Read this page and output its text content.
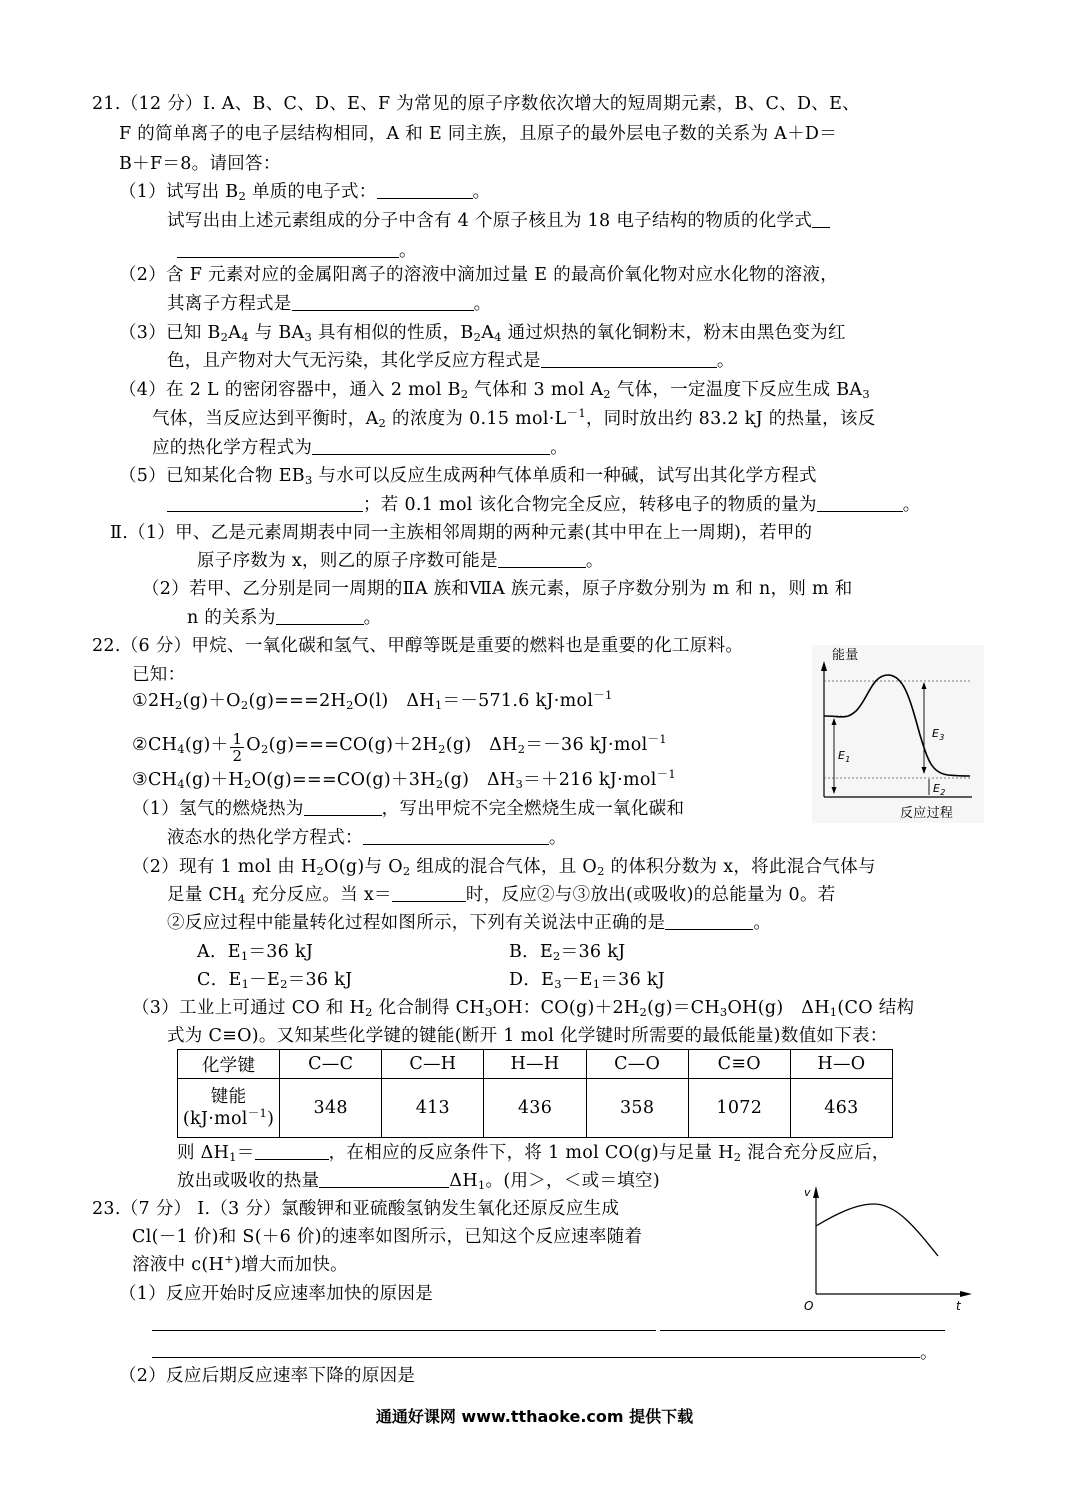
21.（12 分）Ⅰ. A、B、C、D、E、F 为常见的原子序数依次增大的短周期元素，B、C、D、E、
F 的简单离子的电子层结构相同，A 和 E 同主族，且原子的最外层电子数的关系为 A＋D＝
B＋F＝8。请回答：
（1）试写出 $B_2$ 单质的电子式：	。
试写出由上述元素组成的分子中含有 4 个原子核且为 18 电子结构的物质的化学式
。
（2）含 F 元素对应的金属阳离子的溶液中滴加过量 E 的最高价氧化物对应水化物的溶液，
其离子方程式是	。
（3）已知 $B_2A_4$ 与 $BA_3$ 具有相似的性质，$B_2A_4$ 通过炽热的氧化铜粉末，粉末由黑色变为红
色，且产物对大气无污染，其化学反应方程式是	。
（4）在 2 L 的密闭容器中，通入 2 mol $B_2$ 气体和 3 mol $A_2$ 气体，一定温度下反应生成 $BA_3$
气体，当反应达到平衡时，$A_2$ 的浓度为 0.15 $mol\cdot L^{-1}$，同时放出约 83.2 kJ 的热量，该反
应的热化学方程式为	。
（5）已知某化合物 $EB_3$ 与水可以反应生成两种气体单质和一种碱，试写出其化学方程式
；若 0.1 mol 该化合物完全反应，转移电子的物质的量为	。
Ⅱ.（1）甲、乙是元素周期表中同一主族相邻周期的两种元素(其中甲在上一周期)，若甲的
原子序数为 x，则乙的原子序数可能是	。
（2）若甲、乙分别是同一周期的ⅡA 族和ⅦA 族元素，原子序数分别为 m 和 n，则 m 和
n 的关系为	。
22.（6 分）甲烷、一氧化碳和氢气、甲醇等既是重要的燃料也是重要的化工原料。
已知：
$①2H_2(g)+O_2(g)===2H_2O(l)$　$\Delta H_1=-571.6$ kJ·mol$^{-1}$
$②CH_4(g)+ \frac{1}{2} O_2(g)===CO(g)+2H_2(g)$　$\Delta H_2=-36$ kJ·mol$^{-1}$
$③CH_4(g)+H_2O(g)===CO(g)+3H_2(g)$　$\Delta H_3=+216$ kJ·mol$^{-1}$
（1）氢气的燃烧热为	，写出甲烷不完全燃烧生成一氧化碳和
液态水的热化学方程式：	。
（2）现有 1 mol 由 $H_2O(g)$与 $O_2$ 组成的混合气体，且 $O_2$ 的体积分数为 x，将此混合气体与
足量 $CH_4$ 充分反应。当 x＝	时，反应②与③放出(或吸收)的总能量为 0。若
②反应过程中能量转化过程如图所示，下列有关说法中正确的是	。
A．$E_1=36$ kJ	B．$E_2=36$ kJ
C．$E_1-E_2=36$ kJ	D．$E_3-E_1=36$ kJ
（3）工业上可通过 CO 和 $H_2$ 化合制得 $CH_3OH$：$CO(g)+2H_2(g)=CH_3OH(g)$　$\Delta H_1(CO$ 结构
式为 C≡O)。又知某些化学键的键能(断开 1 mol 化学键时所需要的最低能量)数值如下表：
化学键	C—C	C—H	H—H	C—O	C≡O	H—O
键能
(kJ·mol$^{-1}$)	348	413	436	358	1072	463
则 $\Delta H_1=$	，在相应的反应条件下，将 1 mol CO(g)与足量 $H_2$ 混合充分反应后，
放出或吸收的热量	$\Delta H_1$。(用＞，＜或＝填空)
23.（7 分） Ⅰ.（3 分）氯酸钾和亚硫酸氢钠发生氧化还原反应生成
Cl(－1 价)和 S(＋6 价)的速率如图所示，已知这个反应速率随着
溶液中 c(H+)增大而加快。
（1）反应开始时反应速率加快的原因是
。
（2）反应后期反应速率下降的原因是
能量
反应过程
$E_3$
$E_1$
$E_2$
v
O	t
通通好课网 www.tthaoke.com 提供下载
